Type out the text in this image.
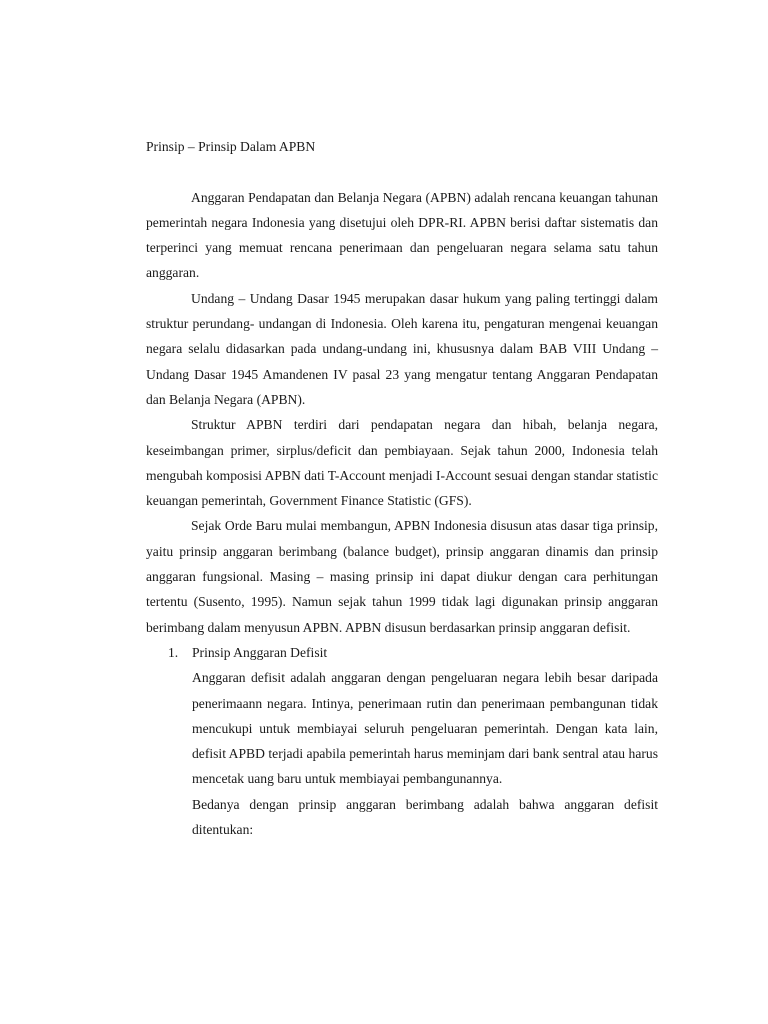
Prinsip – Prinsip Dalam APBN

Anggaran Pendapatan dan Belanja Negara (APBN) adalah rencana keuangan tahunan pemerintah negara Indonesia yang disetujui oleh DPR-RI. APBN berisi daftar sistematis dan terperinci yang memuat rencana penerimaan dan pengeluaran negara selama satu tahun anggaran.

Undang – Undang Dasar 1945 merupakan dasar hukum yang paling tertinggi dalam struktur perundang- undangan di Indonesia. Oleh karena itu, pengaturan mengenai keuangan negara selalu didasarkan pada undang-undang ini, khususnya dalam BAB VIII Undang – Undang Dasar 1945 Amandenen IV pasal 23 yang mengatur tentang Anggaran Pendapatan dan Belanja Negara (APBN).

Struktur APBN terdiri dari pendapatan negara dan hibah, belanja negara, keseimbangan primer, sirplus/deficit dan pembiayaan. Sejak tahun 2000, Indonesia telah mengubah komposisi APBN dati T-Account menjadi I-Account sesuai dengan standar statistic keuangan pemerintah, Government Finance Statistic (GFS).

Sejak Orde Baru mulai membangun, APBN Indonesia disusun atas dasar tiga prinsip, yaitu prinsip anggaran berimbang (balance budget), prinsip anggaran dinamis dan prinsip anggaran fungsional. Masing – masing prinsip ini dapat diukur dengan cara perhitungan tertentu (Susento, 1995). Namun sejak tahun 1999 tidak lagi digunakan prinsip anggaran berimbang dalam menyusun APBN. APBN disusun berdasarkan prinsip anggaran defisit.

1. Prinsip Anggaran Defisit

Anggaran defisit adalah anggaran dengan pengeluaran negara lebih besar daripada penerimaann negara. Intinya, penerimaan rutin dan penerimaan pembangunan tidak mencukupi untuk membiayai seluruh pengeluaran pemerintah. Dengan kata lain, defisit APBD terjadi apabila pemerintah harus meminjam dari bank sentral atau harus mencetak uang baru untuk membiayai pembangunannya.

Bedanya dengan prinsip anggaran berimbang adalah bahwa anggaran defisit ditentukan:
